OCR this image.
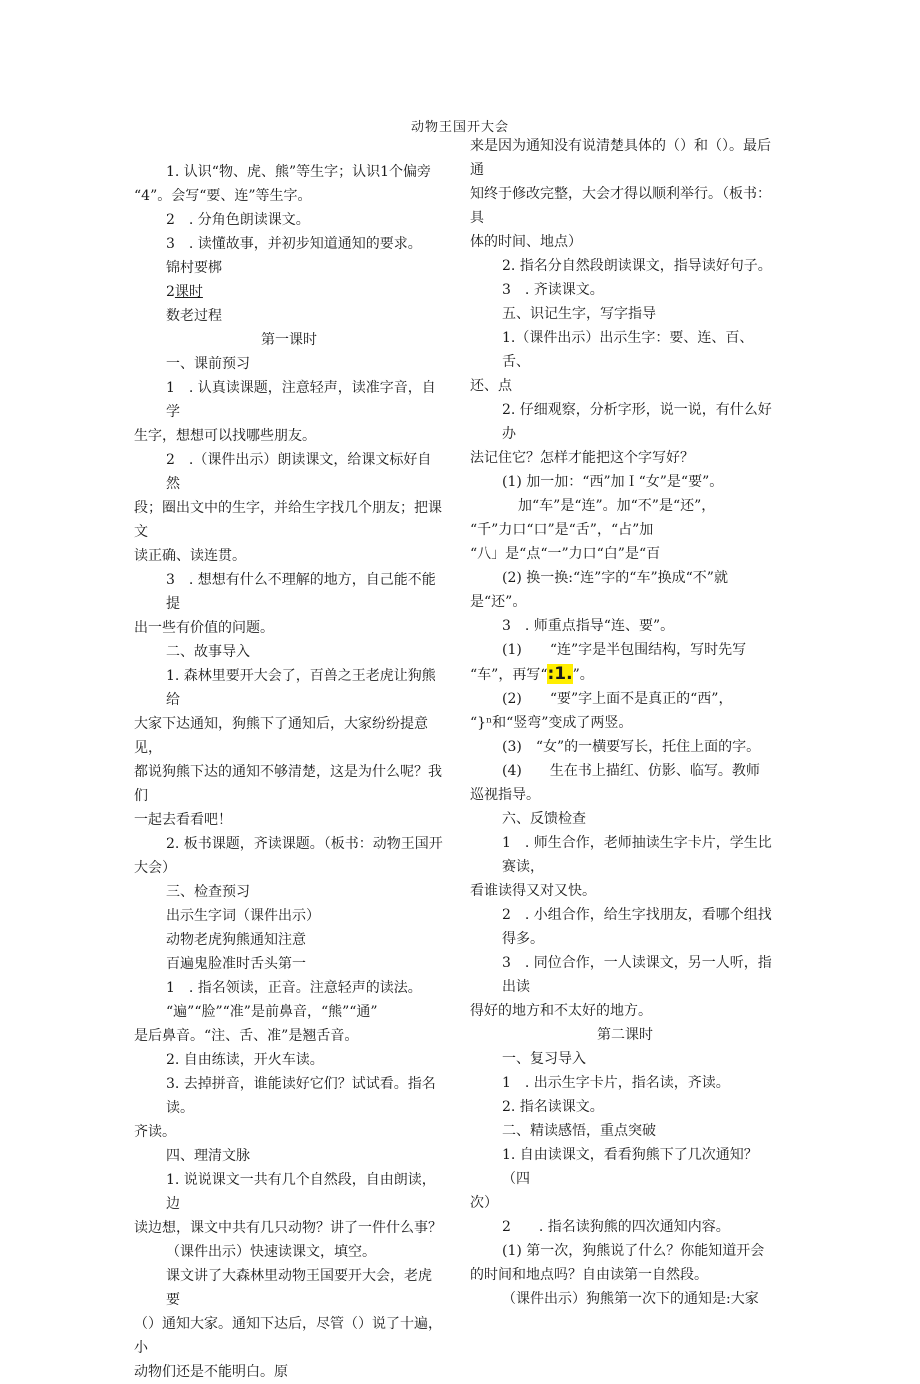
动物王国开大会

1. 认识“物、虎、熊”等生字；认识1个偏旁

“4”。会写“要、连”等生字。

2　. 分角色朗读课文。

3　. 读懂故事，并初步知道通知的要求。

锦村要梆

2课时

数老过程

第一课时

一、课前预习

1　. 认真读课题，注意轻声，读准字音，自学

生字，想想可以找哪些朋友。

2　.（课件出示）朗读课文，给课文标好自然

段；圈出文中的生字，并给生字找几个朋友；把课文

读正确、读连贯。

3　. 想想有什么不理解的地方，自己能不能提

出一些有价值的问题。

二、故事导入

1. 森林里要开大会了，百兽之王老虎让狗熊给

大家下达通知，狗熊下了通知后，大家纷纷提意见，

都说狗熊下达的通知不够清楚，这是为什么呢？我们

一起去看看吧！

2. 板书课题，齐读课题。（板书：动物王国开

大会）

三、检查预习

出示生字词（课件出示）

动物老虎狗熊通知注意

百遍鬼脸准时舌头第一

1　. 指名领读，正音。注意轻声的读法。

“遍”“脸”“准”是前鼻音，“熊”“通”

是后鼻音。“注、舌、准”是翘舌音。

2. 自由练读，开火车读。

3. 去掉拼音，谁能读好它们？试试看。指名读。

齐读。

四、理清文脉

1. 说说课文一共有几个自然段，自由朗读，边

读边想，课文中共有几只动物？讲了一件什么事？

（课件出示）快速读课文，填空。

课文讲了大森林里动物王国要开大会，老虎要

（）通知大家。通知下达后，尽管（）说了十遍，小

动物们还是不能明白。原

来是因为通知没有说清楚具体的（）和（）。最后通

知终于修改完整，大会才得以顺利举行。（板书：具

体的时间、地点）

2. 指名分自然段朗读课文，指导读好句子。

3　. 齐读课文。

五、识记生字，写字指导

1.（课件出示）出示生字：要、连、百、舌、

还、点

2. 仔细观察，分析字形，说一说，有什么好办

法记住它？怎样才能把这个字写好？

(1) 加一加：“西”加Ｉ“女”是“要”。

加“车”是“连”。加“不”是“还”，

“千”力口“口”是“舌”，“占”加

“八」是“点“一”力口“白”是“百

(2) 换一换:“连”字的“车”换成“不”就

是“还”。

3　. 师重点指导“连、要”。

(1)　　“连”字是半包围结构，写时先写

“车”，再写“:1.”。

(2)　　“要”字上面不是真正的“西”，

“}ⁿ和“竖弯”变成了两竖。

(3)　“女”的一横要写长，托住上面的字。

(4)　　生在书上描红、仿影、临写。教师

巡视指导。

六、反馈检查

1　. 师生合作，老师抽读生字卡片，学生比赛读，

看谁读得又对又快。

2　. 小组合作，给生字找朋友，看哪个组找得多。

3　. 同位合作，一人读课文，另一人听，指出读

得好的地方和不太好的地方。

第二课时

一、复习导入

1　. 出示生字卡片，指名读，齐读。

2. 指名读课文。

二、精读感悟，重点突破

1. 自由读课文，看看狗熊下了几次通知？（四

次）

2　　. 指名读狗熊的四次通知内容。

(1) 第一次，狗熊说了什么？你能知道开会

的时间和地点吗？自由读第一自然段。

（课件出示）狗熊第一次下的通知是:大家
